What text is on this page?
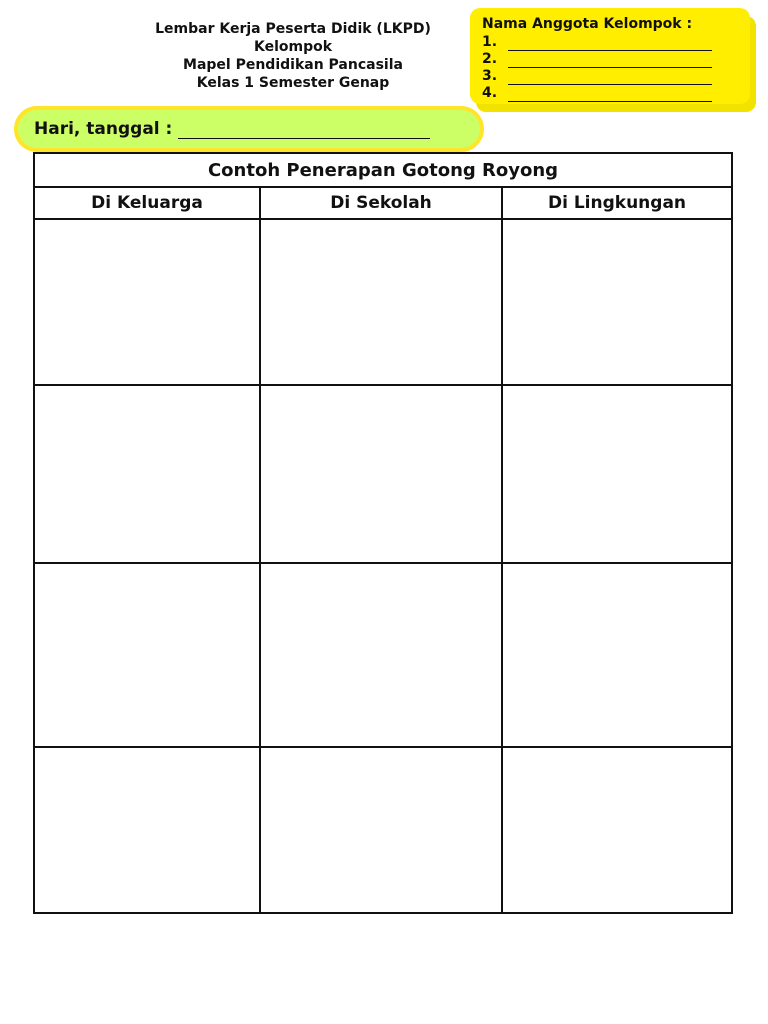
Lembar Kerja Peserta Didik (LKPD)
Kelompok
Mapel Pendidikan Pancasila
Kelas 1 Semester Genap
Nama Anggota Kelompok :
1.
2.
3.
4.
Hari, tanggal :
Contoh Penerapan Gotong Royong		
Di Keluarga	Di Sekolah	Di Lingkungan
